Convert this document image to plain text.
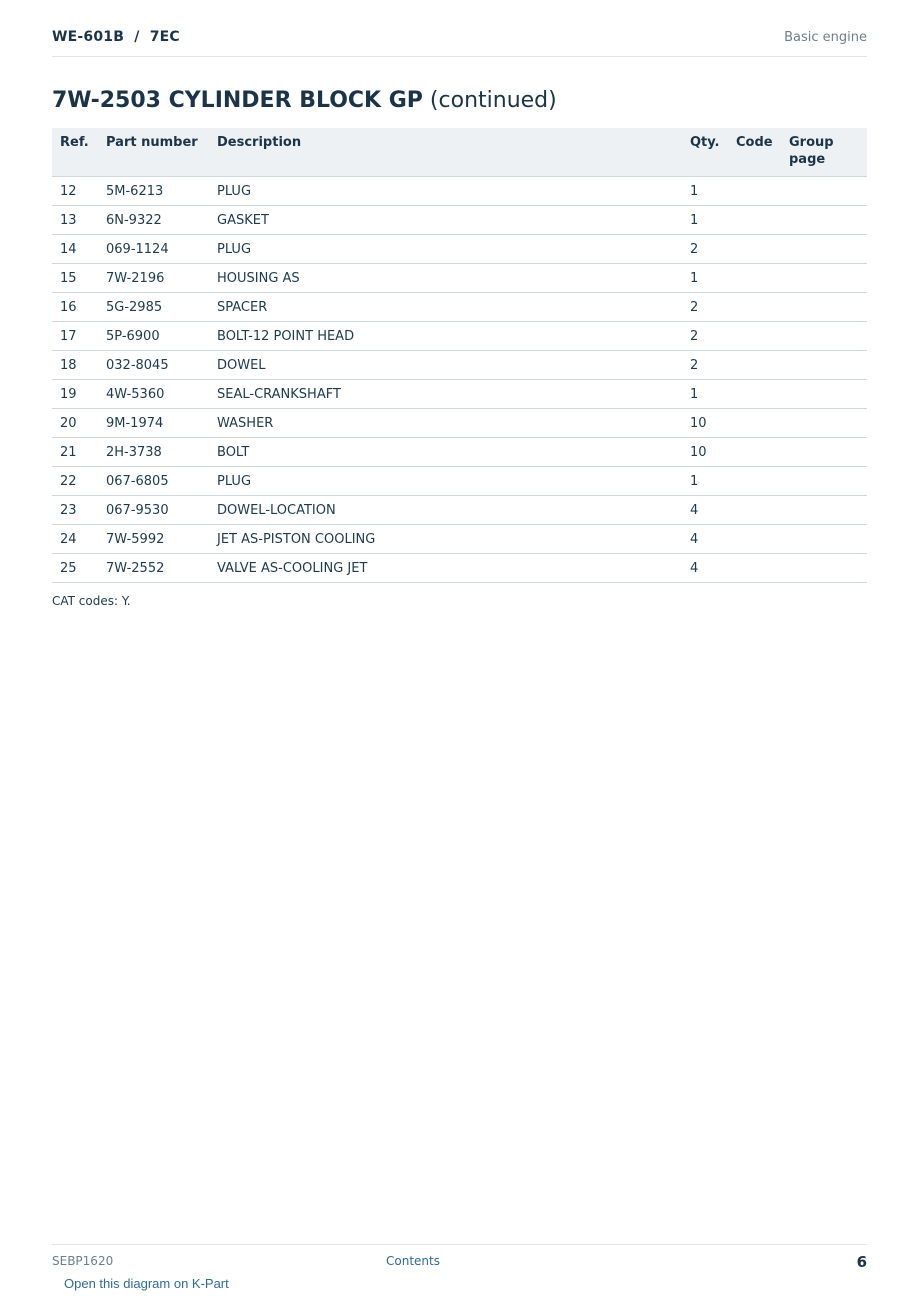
WE-601B  /  7EC	Basic engine
7W-2503 CYLINDER BLOCK GP (continued)
Ref.	Part number	Description	Qty.	Code	Group page
12	5M-6213	PLUG	1		
13	6N-9322	GASKET	1		
14	069-1124	PLUG	2		
15	7W-2196	HOUSING AS	1		
16	5G-2985	SPACER	2		
17	5P-6900	BOLT-12 POINT HEAD	2		
18	032-8045	DOWEL	2		
19	4W-5360	SEAL-CRANKSHAFT	1		
20	9M-1974	WASHER	10		
21	2H-3738	BOLT	10		
22	067-6805	PLUG	1		
23	067-9530	DOWEL-LOCATION	4		
24	7W-5992	JET AS-PISTON COOLING	4		
25	7W-2552	VALVE AS-COOLING JET	4		
CAT codes: Y.
SEBP1620	Contents	6
Open this diagram on K-Part
